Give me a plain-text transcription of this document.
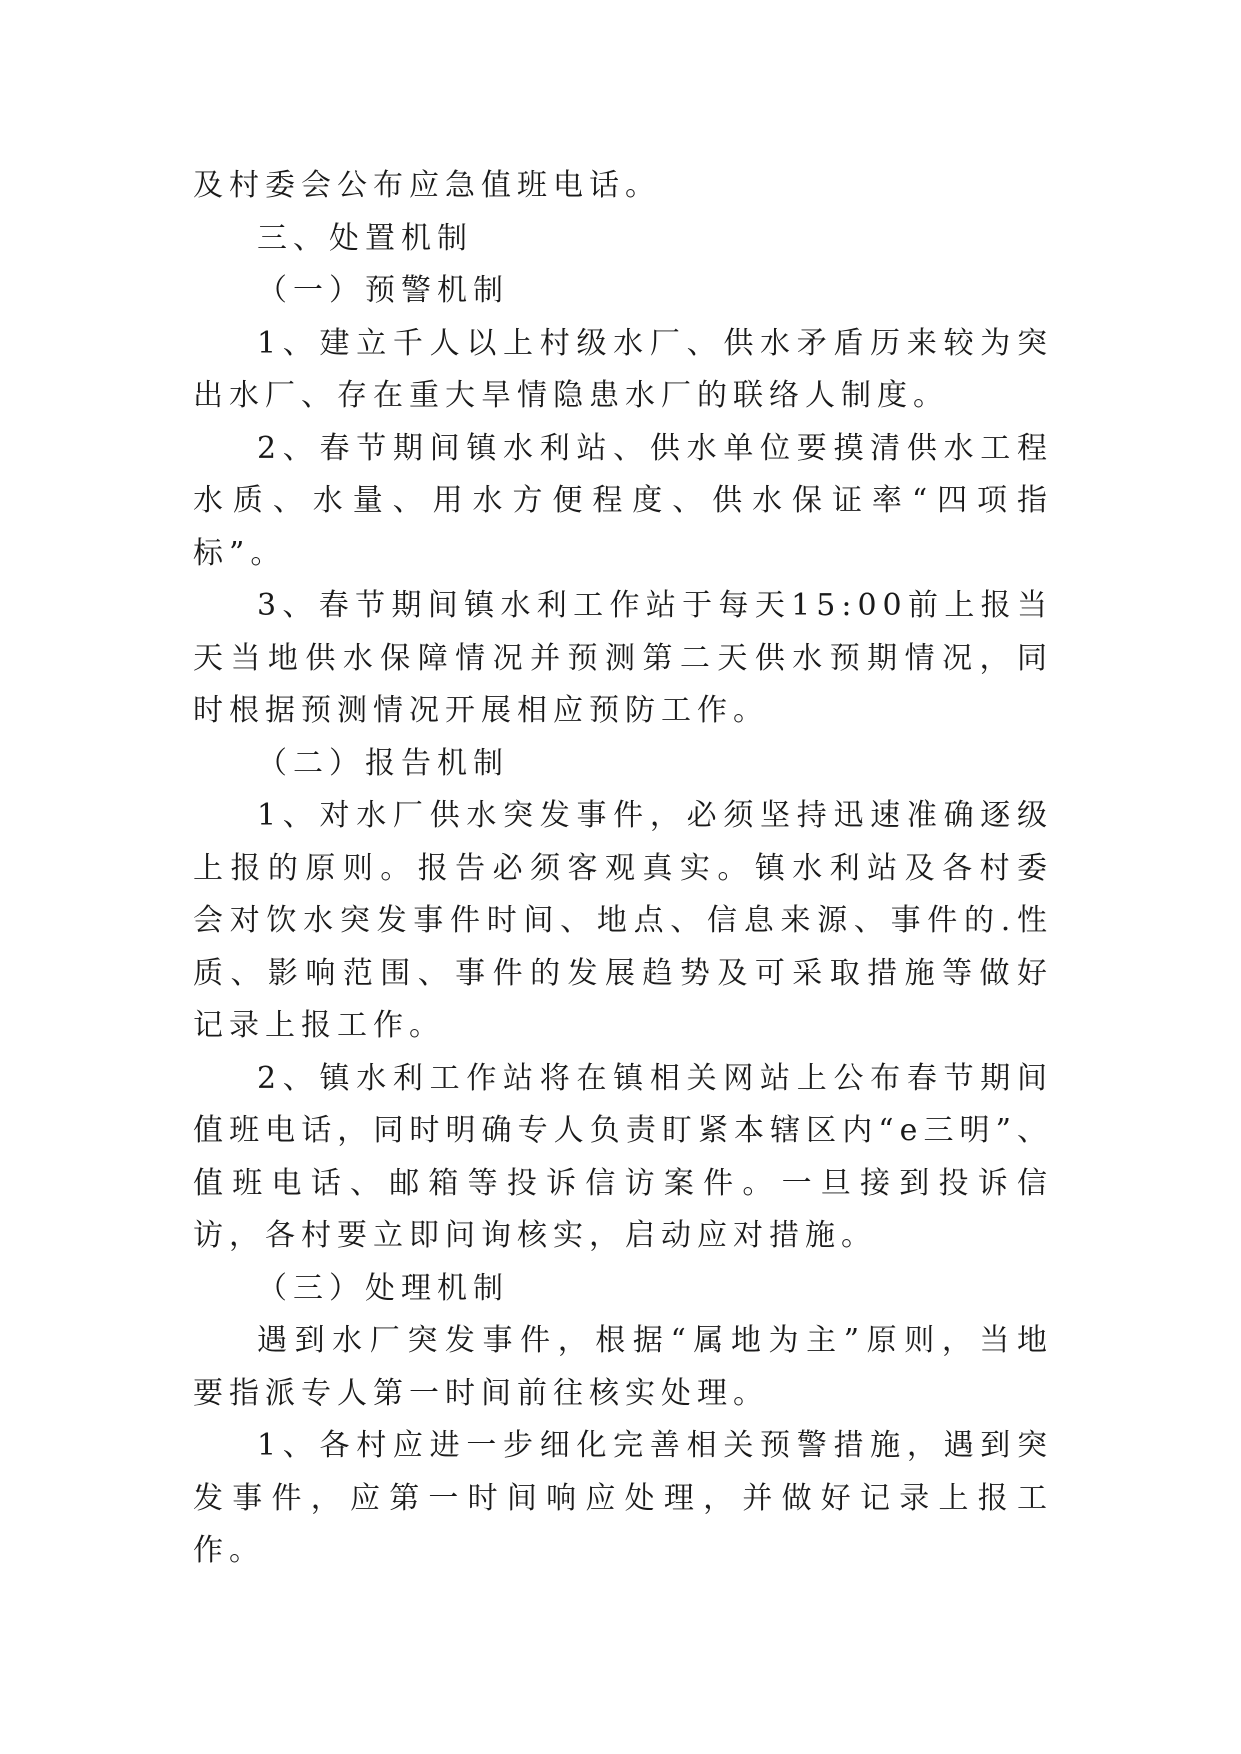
及村委会公布应急值班电话。

三、处置机制

（一）预警机制

1、建立千人以上村级水厂、供水矛盾历来较为突出水厂、存在重大旱情隐患水厂的联络人制度。

2、春节期间镇水利站、供水单位要摸清供水工程水质、水量、用水方便程度、供水保证率“四项指标”。

3、春节期间镇水利工作站于每天15:00前上报当天当地供水保障情况并预测第二天供水预期情况，同时根据预测情况开展相应预防工作。

（二）报告机制

1、对水厂供水突发事件，必须坚持迅速准确逐级上报的原则。报告必须客观真实。镇水利站及各村委会对饮水突发事件时间、地点、信息来源、事件的.性质、影响范围、事件的发展趋势及可采取措施等做好记录上报工作。

2、镇水利工作站将在镇相关网站上公布春节期间值班电话，同时明确专人负责盯紧本辖区内“e三明”、值班电话、邮箱等投诉信访案件。一旦接到投诉信访，各村要立即问询核实，启动应对措施。

（三）处理机制

遇到水厂突发事件，根据“属地为主”原则，当地要指派专人第一时间前往核实处理。

1、各村应进一步细化完善相关预警措施，遇到突发事件，应第一时间响应处理，并做好记录上报工作。
